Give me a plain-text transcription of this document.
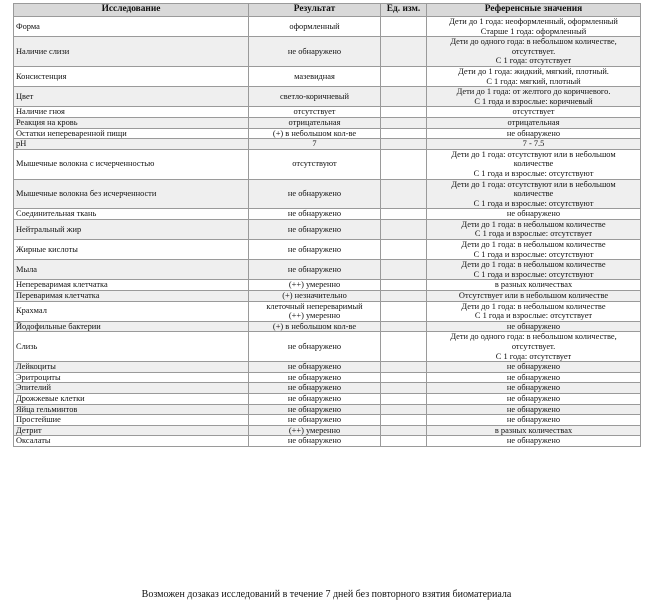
Исследование	Результат	Ед. изм.	Референсные значения
Форма	оформленный		Дети до 1 года: неоформленный, оформленный
Старше 1 года: оформленный

Наличие слизи	не обнаружено		Дети до одного года: в небольшом количестве,
отсутствует.
С 1 года: отсутствует

Консистенция	мазевидная		Дети до 1 года: жидкий, мягкий, плотный.
С 1 года: мягкий, плотный

Цвет	светло-коричневый		Дети до 1 года: от желтого до коричневого.
С 1 года и взрослые: коричневый

Наличие гноя	отсутствует		отсутствует

Реакция на кровь	отрицательная		отрицательная

Остатки непереваренной пищи	(+) в небольшом кол-ве		не обнаружено

pH	7		7 - 7.5

Мышечные волокна с исчерченностью	отсутствуют		Дети до 1 года: отсутствуют или в небольшом
количестве
С 1 года и взрослые: отсутствуют

Мышечные волокна без исчерченности	не обнаружено		Дети до 1 года: отсутствуют или в небольшом
количестве
С 1 года и взрослые: отсутствуют

Соединительная ткань	не обнаружено		не обнаружено

Нейтральный жир	не обнаружено		Дети до 1 года: в небольшом количестве
С 1 года и взрослые: отсутствует

Жирные кислоты	не обнаружено		Дети до 1 года: в небольшом количестве
С 1 года и взрослые: отсутствуют

Мыла	не обнаружено		Дети до 1 года: в небольшом количестве
С 1 года и взрослые: отсутствуют

Непереваримая клетчатка	(++) умеренно		в разных количествах

Переваримая клетчатка	(+) незначительно		Отсутствует или в небольшом количестве

Крахмал	клеточный непереваримый
(++) умеренно		Дети до 1 года: в небольшом количестве
С 1 года и взрослые: отсутствует

Йодофильные бактерии	(+) в небольшом кол-ве		не обнаружено

Слизь	не обнаружено		Дети до одного года: в небольшом количестве,
отсутствует.
С 1 года: отсутствует

Лейкоциты	не обнаружено		не обнаружено

Эритроциты	не обнаружено		не обнаружено

Эпителий	не обнаружено		не обнаружено

Дрожжевые клетки	не обнаружено		не обнаружено

Яйца гельминтов	не обнаружено		не обнаружено

Простейшие	не обнаружено		не обнаружено

Детрит	(++) умеренно		в разных количествах

Оксалаты	не обнаружено		не обнаружено
Возможен дозаказ исследований в течение 7 дней без повторного взятия биоматериала
